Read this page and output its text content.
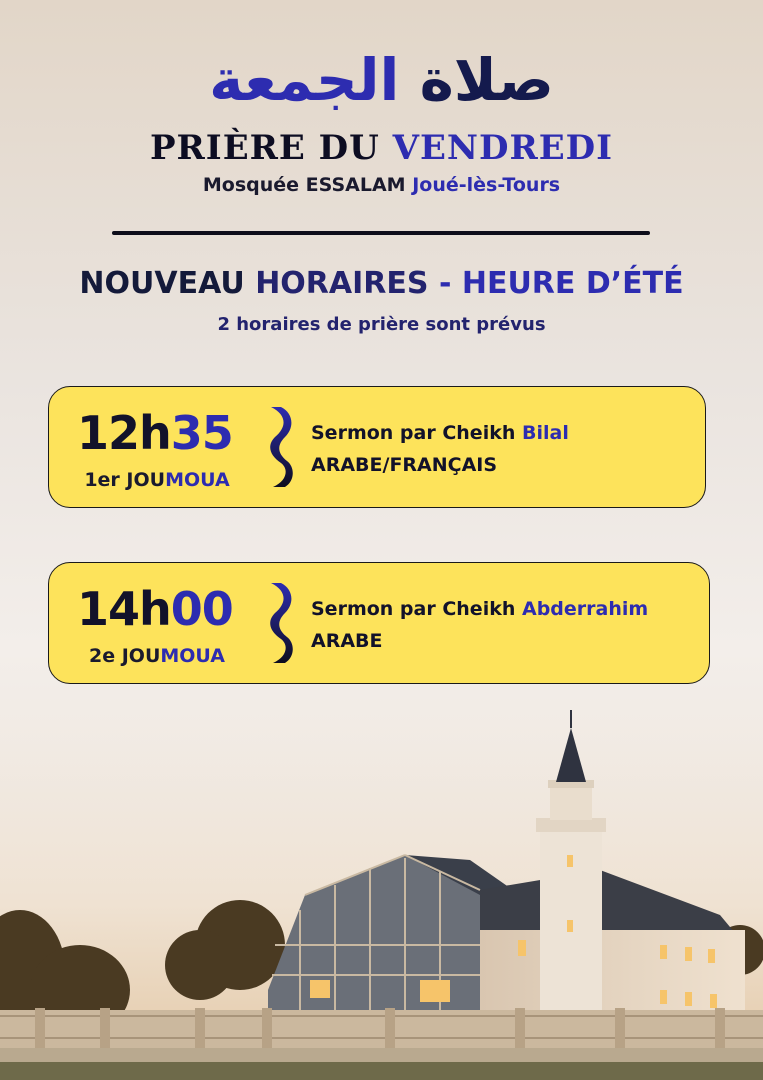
صلاة الجمعة
PRIÈRE DU VENDREDI
Mosquée ESSALAM Joué-lès-Tours
NOUVEAU HORAIRES - HEURE D’ÉTÉ
2 horaires de prière sont prévus
12h35
1er JOUMOUA
Sermon par Cheikh Bilal
ARABE/FRANÇAIS
14h00
2e JOUMOUA
Sermon par Cheikh Abderrahim
ARABE
